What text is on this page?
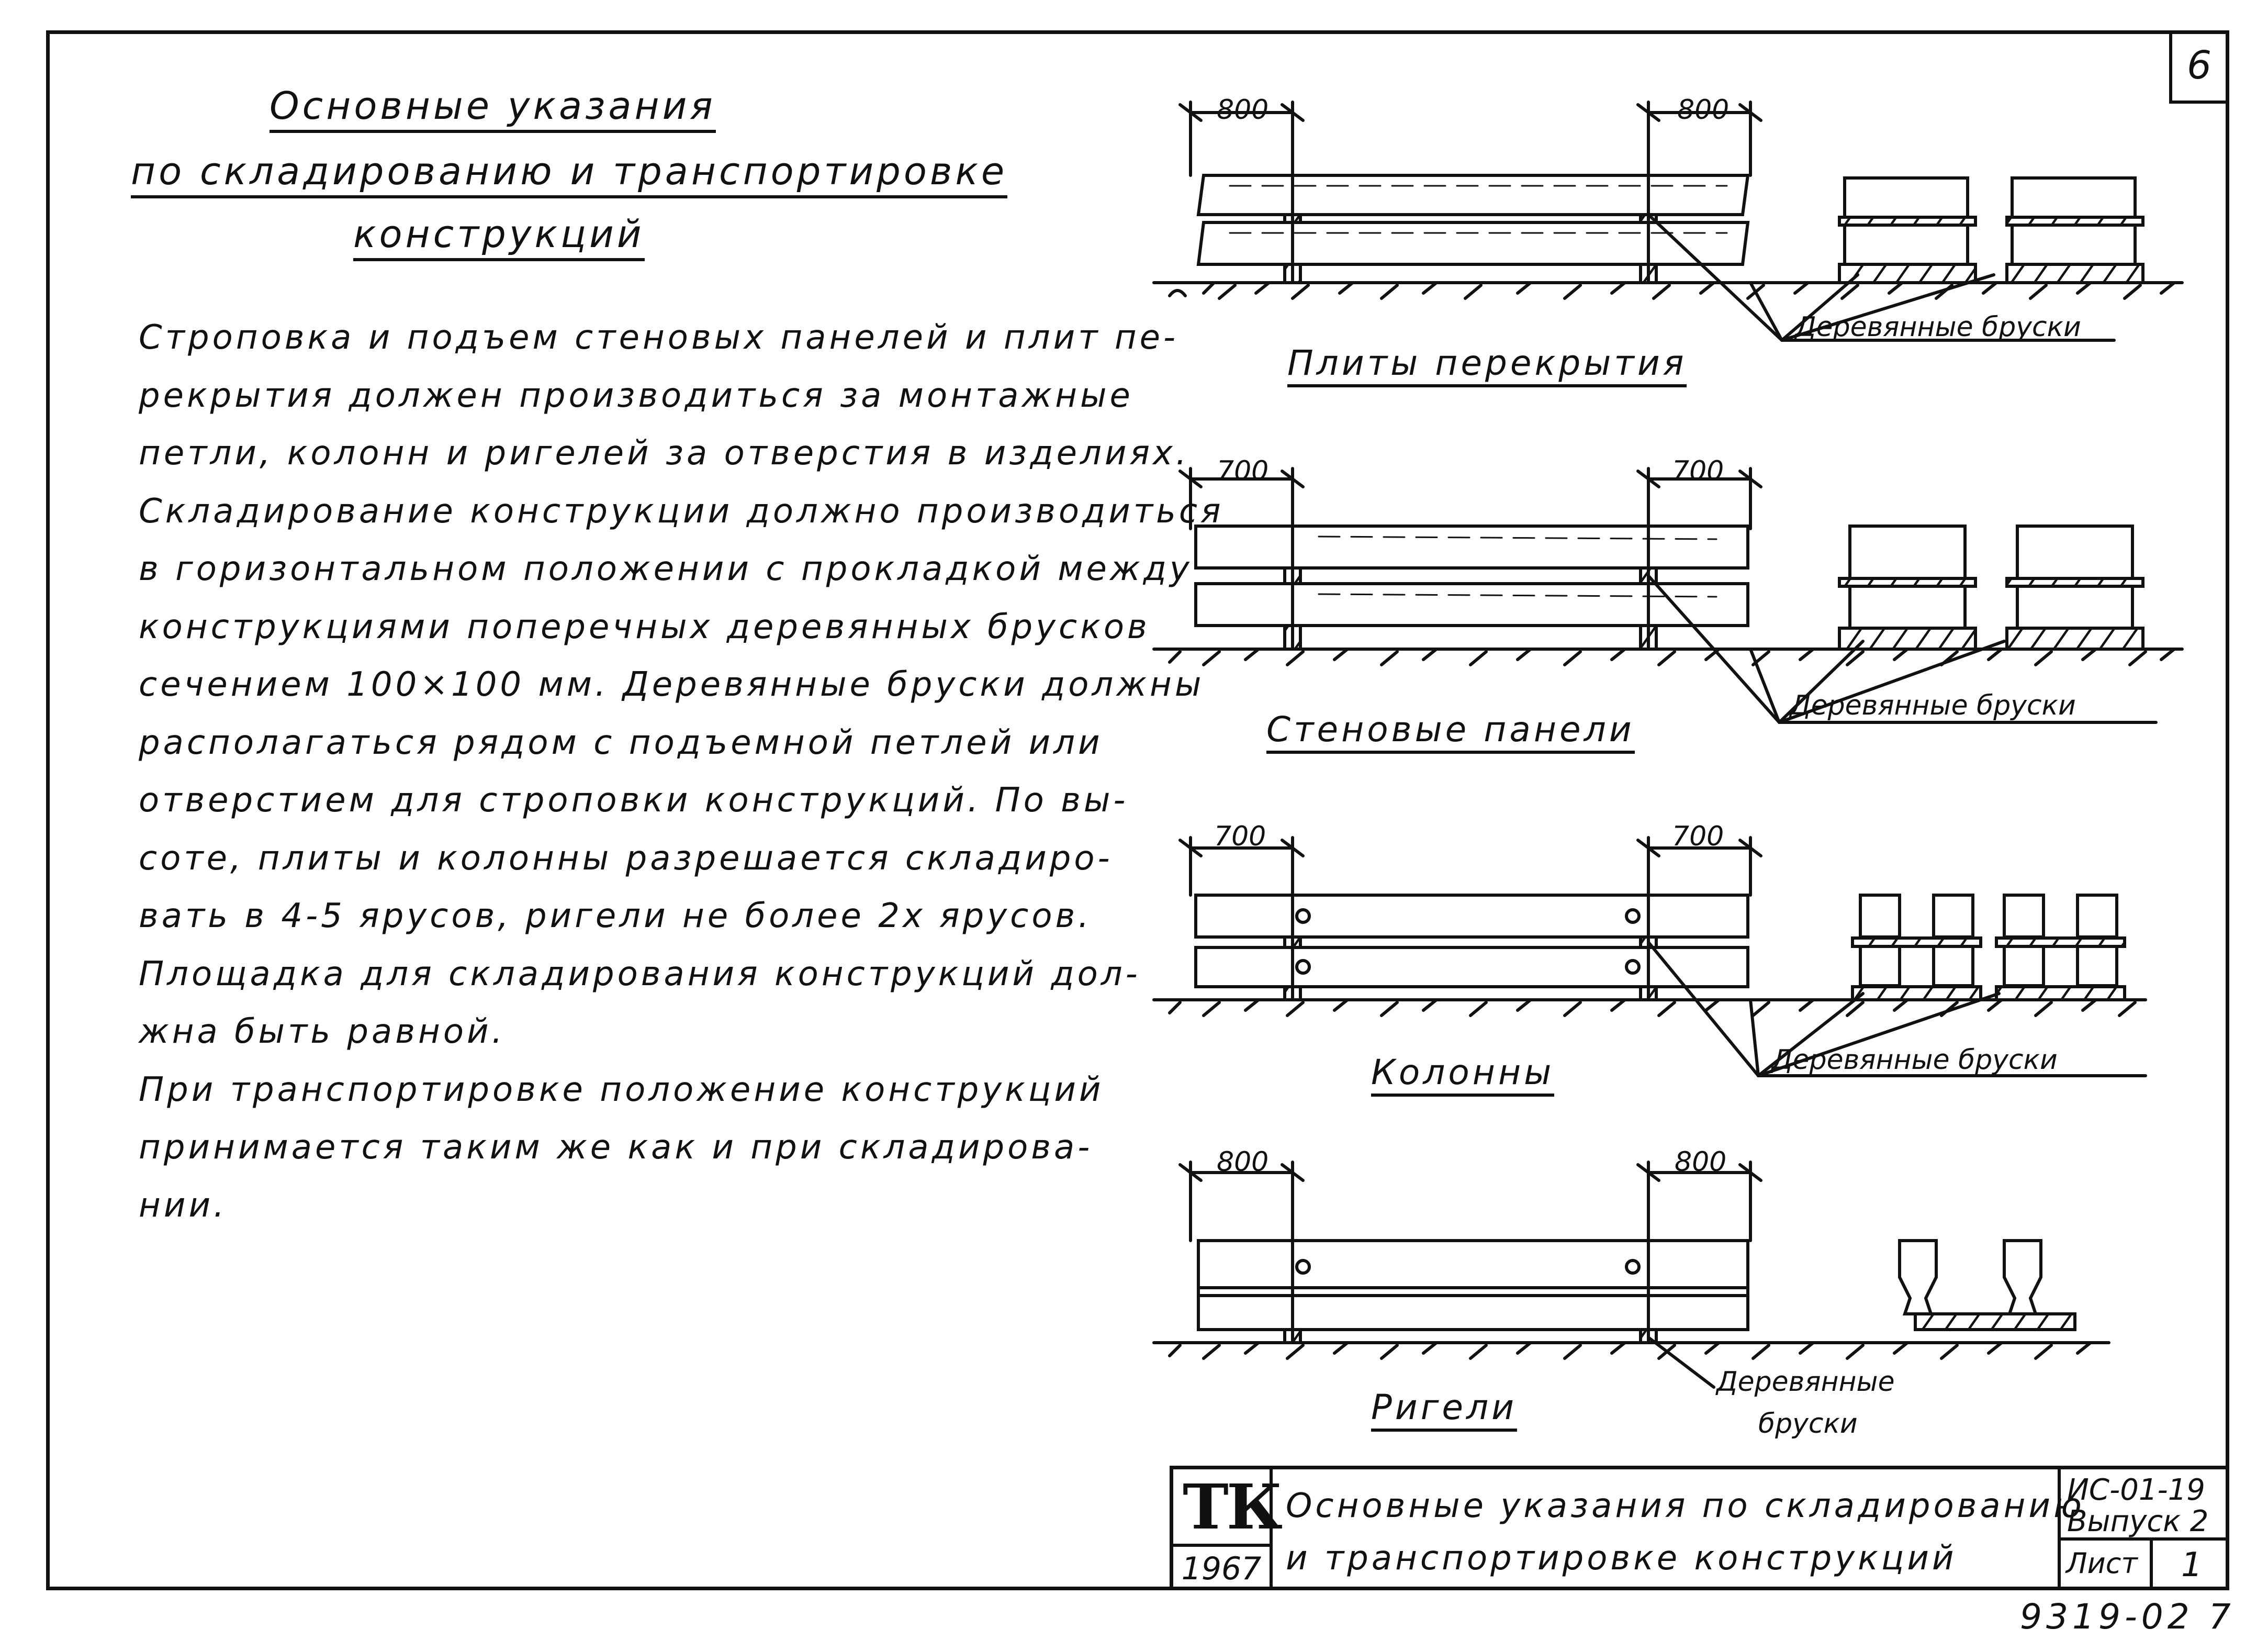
6
Основные указания
по складированию и транспортировке
конструкций
Строповка и подъем стеновых панелей и плит пе-
рекрытия должен производиться за монтажные
петли, колонн и ригелей за отверстия в изделиях.
Складирование конструкции должно производиться
в горизонтальном положении с прокладкой между
конструкциями поперечных деревянных брусков
сечением 100×100 мм. Деревянные бруски должны
располагаться рядом с подъемной петлей или
отверстием для строповки конструкций. По вы-
соте, плиты и колонны разрешается складиро-
вать в 4-5 ярусов, ригели не более 2х ярусов.
Площадка для складирования конструкций дол-
жна быть равной.
При транспортировке положение конструкций
принимается таким же как и при складирова-
нии.
800	800
700	700
700	700
800	800
Деревянные бруски
Деревянные бруски
Деревянные бруски
Деревянные
бруски
Плиты перекрытия
Стеновые панели
Колонны
Ригели
ТК
1967
Основные указания по складированию
и транспортировке конструкций
ИС-01-19
Выпуск 2
Лист 1
9319-02 7
